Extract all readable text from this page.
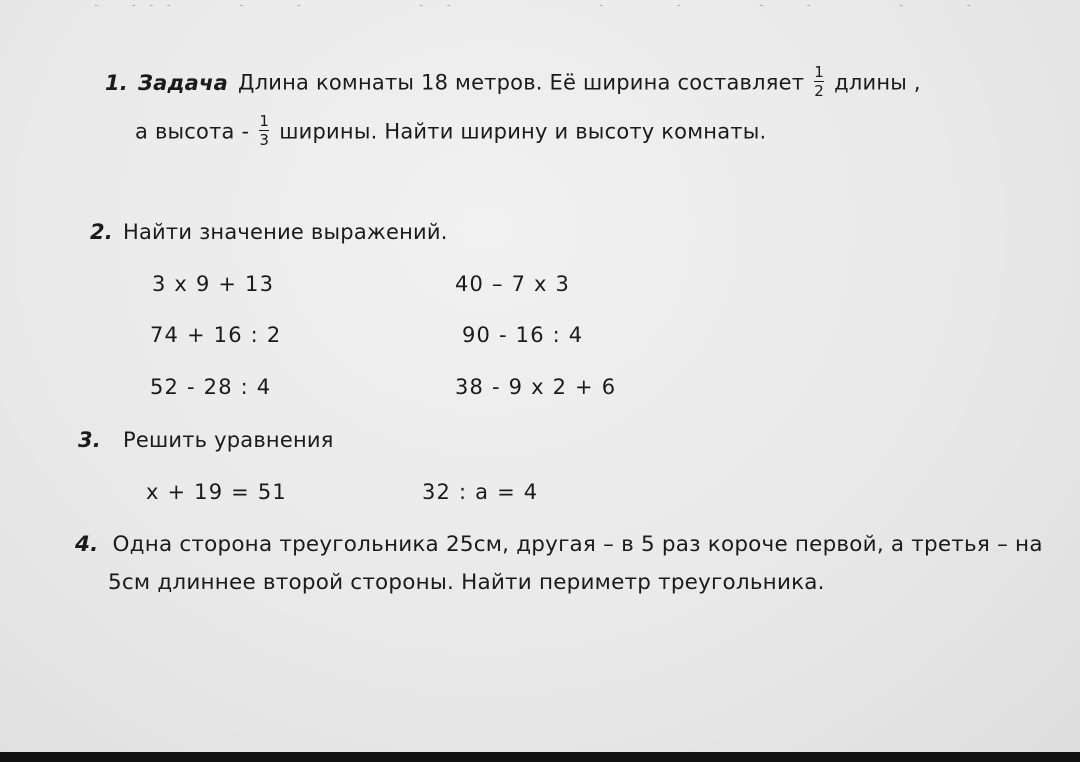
1. Задача Длина комнаты 18 метров. Её ширина составляет $\frac{1}{2}$ длины ,
а высота - $\frac{1}{3}$ ширины. Найти ширину и высоту комнаты.
2. Найти значение выражений.
3 x 9 + 13	40 – 7 x 3
74 + 16 : 2	90 - 16 : 4
52 - 28 : 4	38 - 9 x 2 + 6
3. Решить уравнения
x + 19 = 51	32 : a = 4
4. Одна сторона треугольника 25см, другая – в 5 раз короче первой, а третья – на
5см длиннее второй стороны. Найти периметр треугольника.
